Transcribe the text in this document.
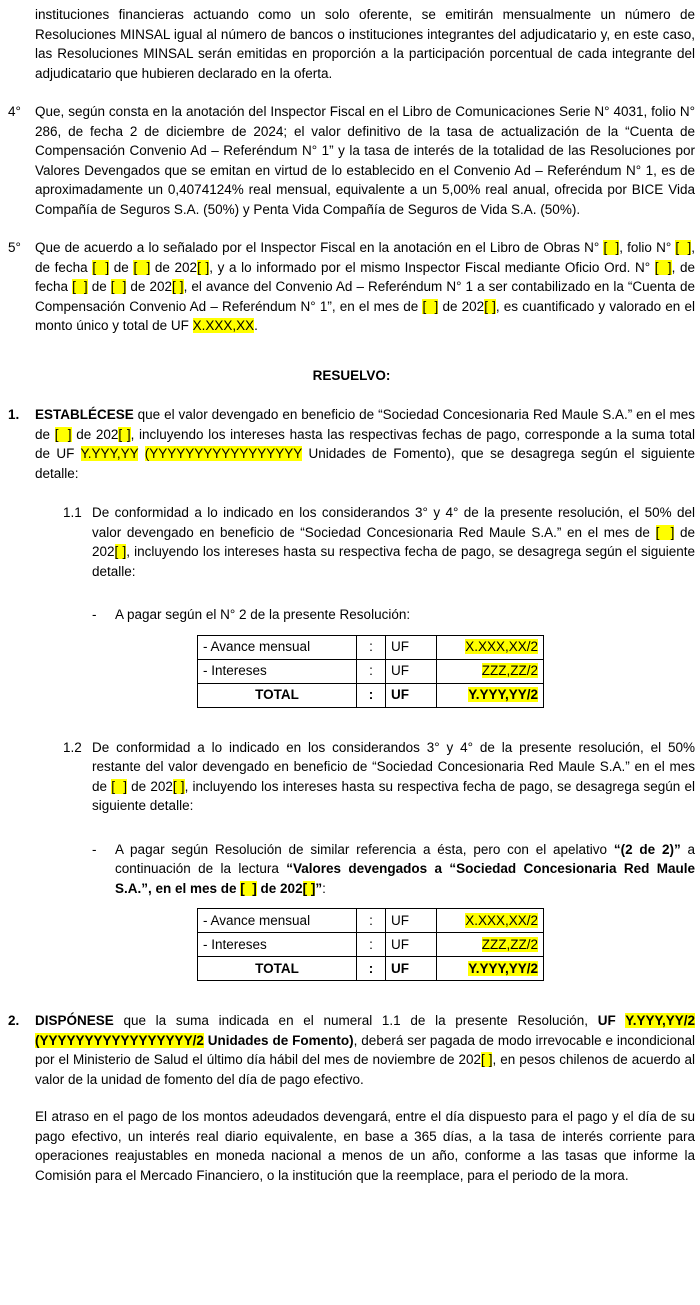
instituciones financieras actuando como un solo oferente, se emitirán mensualmente un número de Resoluciones MINSAL igual al número de bancos o instituciones integrantes del adjudicatario y, en este caso, las Resoluciones MINSAL serán emitidas en proporción a la participación porcentual de cada integrante del adjudicatario que hubieren declarado en la oferta.

4°	Que, según consta en la anotación del Inspector Fiscal en el Libro de Comunicaciones Serie N° 4031, folio N° 286, de fecha 2 de diciembre de 2024; el valor definitivo de la tasa de actualización de la “Cuenta de Compensación Convenio Ad – Referéndum N° 1” y la tasa de interés de la totalidad de las Resoluciones por Valores Devengados que se emitan en virtud de lo establecido en el Convenio Ad – Referéndum N° 1, es de aproximadamente un 0,4074124% real mensual, equivalente a un 5,00% real anual, ofrecida por BICE Vida Compañía de Seguros S.A. (50%) y Penta Vida Compañía de Seguros de Vida S.A. (50%).

5°	Que de acuerdo a lo señalado por el Inspector Fiscal en la anotación en el Libro de Obras N° [  ], folio N° [  ], de fecha [  ] de [  ] de 202[ ], y a lo informado por el mismo Inspector Fiscal mediante Oficio Ord. N° [  ], de fecha [  ] de [  ] de 202[ ], el avance del Convenio Ad – Referéndum N° 1 a ser contabilizado en la “Cuenta de Compensación Convenio Ad – Referéndum N° 1”, en el mes de [  ] de 202[ ], es cuantificado y valorado en el monto único y total de UF X.XXX,XX.

RESUELVO:

1.	ESTABLÉCESE que el valor devengado en beneficio de “Sociedad Concesionaria Red Maule S.A.” en el mes de [  ] de 202[ ], incluyendo los intereses hasta las respectivas fechas de pago, corresponde a la suma total de UF Y.YYY,YY (YYYYYYYYYYYYYYYYY Unidades de Fomento), que se desagrega según el siguiente detalle:

1.1 De conformidad a lo indicado en los considerandos 3° y 4° de la presente resolución, el 50% del valor devengado en beneficio de “Sociedad Concesionaria Red Maule S.A.” en el mes de [  ] de 202[ ], incluyendo los intereses hasta su respectiva fecha de pago, se desagrega según el siguiente detalle:

-	A pagar según el N° 2 de la presente Resolución:

- Avance mensual	:	UF	X.XXX,XX/2
- Intereses	:	UF	ZZZ,ZZ/2
TOTAL	:	UF	Y.YYY,YY/2
1.2 De conformidad a lo indicado en los considerandos 3° y 4° de la presente resolución, el 50% restante del valor devengado en beneficio de “Sociedad Concesionaria Red Maule S.A.” en el mes de [  ] de 202[ ], incluyendo los intereses hasta su respectiva fecha de pago, se desagrega según el siguiente detalle:

-	A pagar según Resolución de similar referencia a ésta, pero con el apelativo “(2 de 2)” a continuación de la lectura “Valores devengados a “Sociedad Concesionaria Red Maule S.A.”, en el mes de [  ] de 202[ ]”:

- Avance mensual	:	UF	X.XXX,XX/2
- Intereses	:	UF	ZZZ,ZZ/2
TOTAL	:	UF	Y.YYY,YY/2
2.	DISPÓNESE que la suma indicada en el numeral 1.1 de la presente Resolución, UF Y.YYY,YY/2 (YYYYYYYYYYYYYYYYY/2 Unidades de Fomento), deberá ser pagada de modo irrevocable e incondicional por el Ministerio de Salud el último día hábil del mes de noviembre de 202[ ], en pesos chilenos de acuerdo al valor de la unidad de fomento del día de pago efectivo.

El atraso en el pago de los montos adeudados devengará, entre el día dispuesto para el pago y el día de su pago efectivo, un interés real diario equivalente, en base a 365 días, a la tasa de interés corriente para operaciones reajustables en moneda nacional a menos de un año, conforme a las tasas que informe la Comisión para el Mercado Financiero, o la institución que la reemplace, para el periodo de la mora.
